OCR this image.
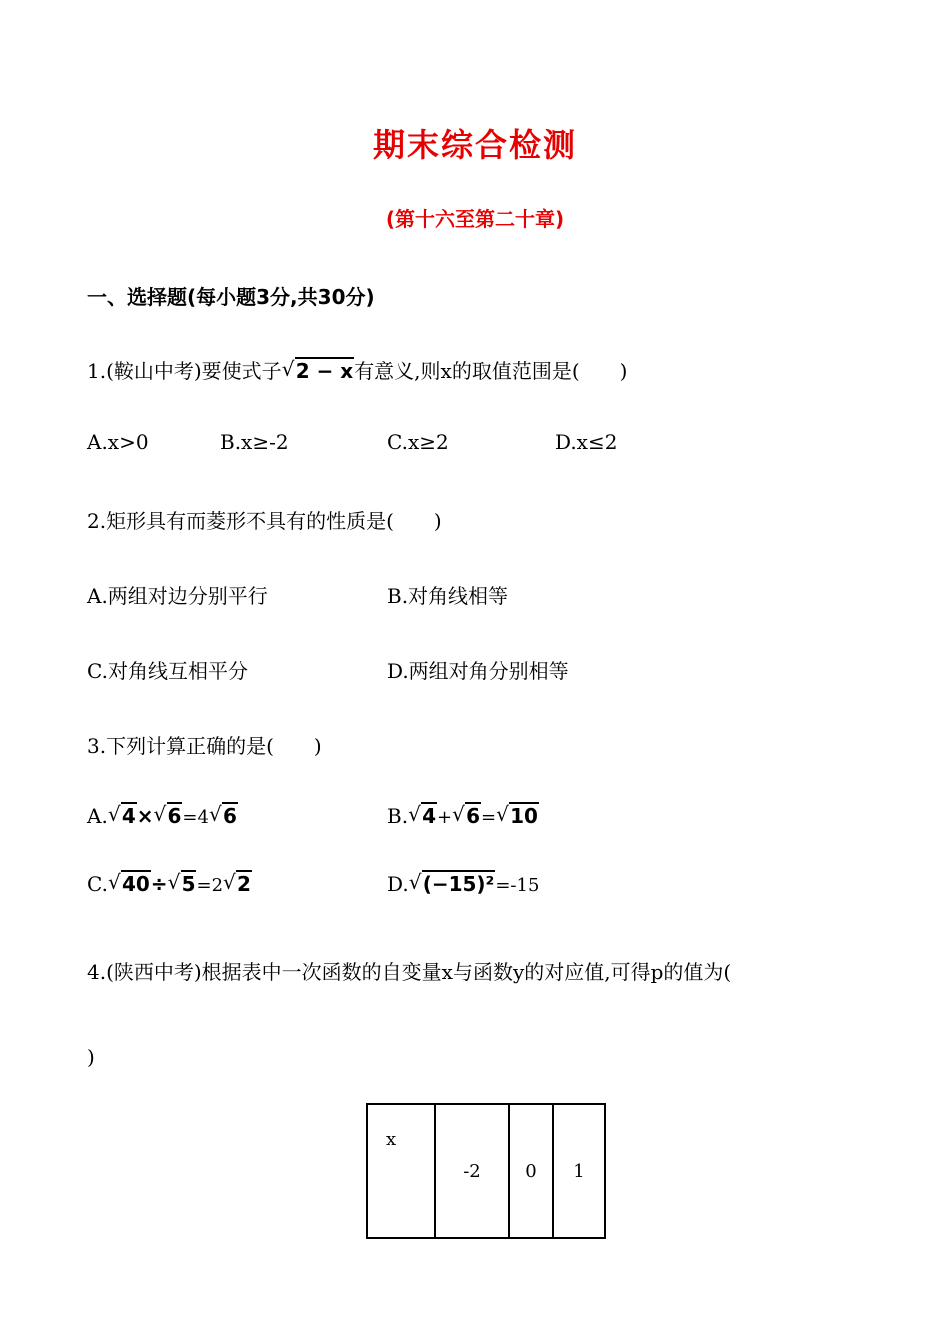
期末综合检测
(第十六至第二十章)
一、选择题(每小题3分,共30分)
1.(鞍山中考)要使式子 √ 2 − x有意义,则x的取值范围是(　　)
A.x>0	B.x≥-2	C.x≥2	D.x≤2
2.矩形具有而菱形不具有的性质是(　　)
A.两组对边分别平行	B.对角线相等
C.对角线互相平分	D.两组对角分别相等
3.下列计算正确的是(　　)
A. √ 4× √ 6=4 √ 6	B. √ 4+ √ 6= √ 10
C. √ 40÷ √ 5=2 √ 2	D. √ (−15)²=-15
4.(陕西中考)根据表中一次函数的自变量x与函数y的对应值,可得p的值为(
)
x	-2	0	1
